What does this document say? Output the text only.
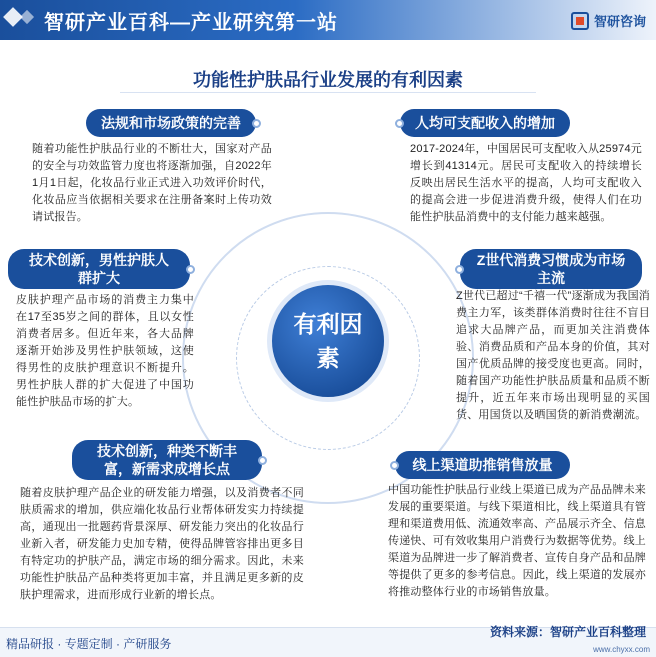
智研产业百科—产业研究第一站	智研咨询
功能性护肤品行业发展的有利因素
有利因素
法规和市场政策的完善
随着功能性护肤品行业的不断壮大，国家对产品的安全与功效监管力度也将逐渐加强，自2022年1月1日起，化妆品行业正式进入功效评价时代，化妆品应当依据相关要求在注册备案时上传功效请试报告。
人均可支配收入的增加
2017-2024年，中国居民可支配收入从25974元增长到41314元。居民可支配收入的持续增长反映出居民生活水平的提高，人均可支配收入的提高会进一步促进消费升级，使得人们在功能性护肤品消费中的支付能力越来越强。
技术创新，男性护肤人群扩大
皮肤护理产品市场的消费主力集中在17至35岁之间的群体，且以女性消费者居多。但近年来，各大品牌逐渐开始涉及男性护肤领域，这使得男性的皮肤护理意识不断提升。男性护肤人群的扩大促进了中国功能性护肤品市场的扩大。
Z世代消费习惯成为市场主流
Z世代已超过“千禧一代”逐渐成为我国消费主力军，该类群体消费时往往不盲目追求大品牌产品，而更加关注消费体验、消费品质和产品本身的价值，其对国产优质品牌的接受度也更高。同时，随着国产功能性护肤品质量和品质不断提升，近五年来市场出现明显的买国货、用国货以及晒国货的新消费潮流。
技术创新，种类不断丰富，新需求成增长点
随着皮肤护理产品企业的研发能力增强，以及消费者不同肤质需求的增加，供应端化妆品行业帮体研发实力持续提高，通现出一批题药背景深厚、研发能力突出的化妆品行业新入者，研发能力史加专精，使得品牌管容排出更多目有特定功的护肤产品，满定市场的细分需求。因此，未来功能性护肤品产品种类将更加丰富，并且满足更多新的皮肤护理需求，进而形成行业新的增长点。
线上渠道助推销售放量
中国功能性护肤品行业线上渠道已成为产品品牌未来发展的重要渠道。与线下渠道相比，线上渠道具有管理和渠道费用低、流通效率高、产品展示齐全、信息传递快、可有效收集用户消费行为数据等优势。线上渠道为品牌进一步了解消费者、宣传自身产品和品牌等提供了更多的参考信息。因此，线上渠道的发展亦将推动整体行业的市场销售放量。
精品研报 · 专题定制 · 产研服务
资料来源：智研产业百科整理
www.chyxx.com
